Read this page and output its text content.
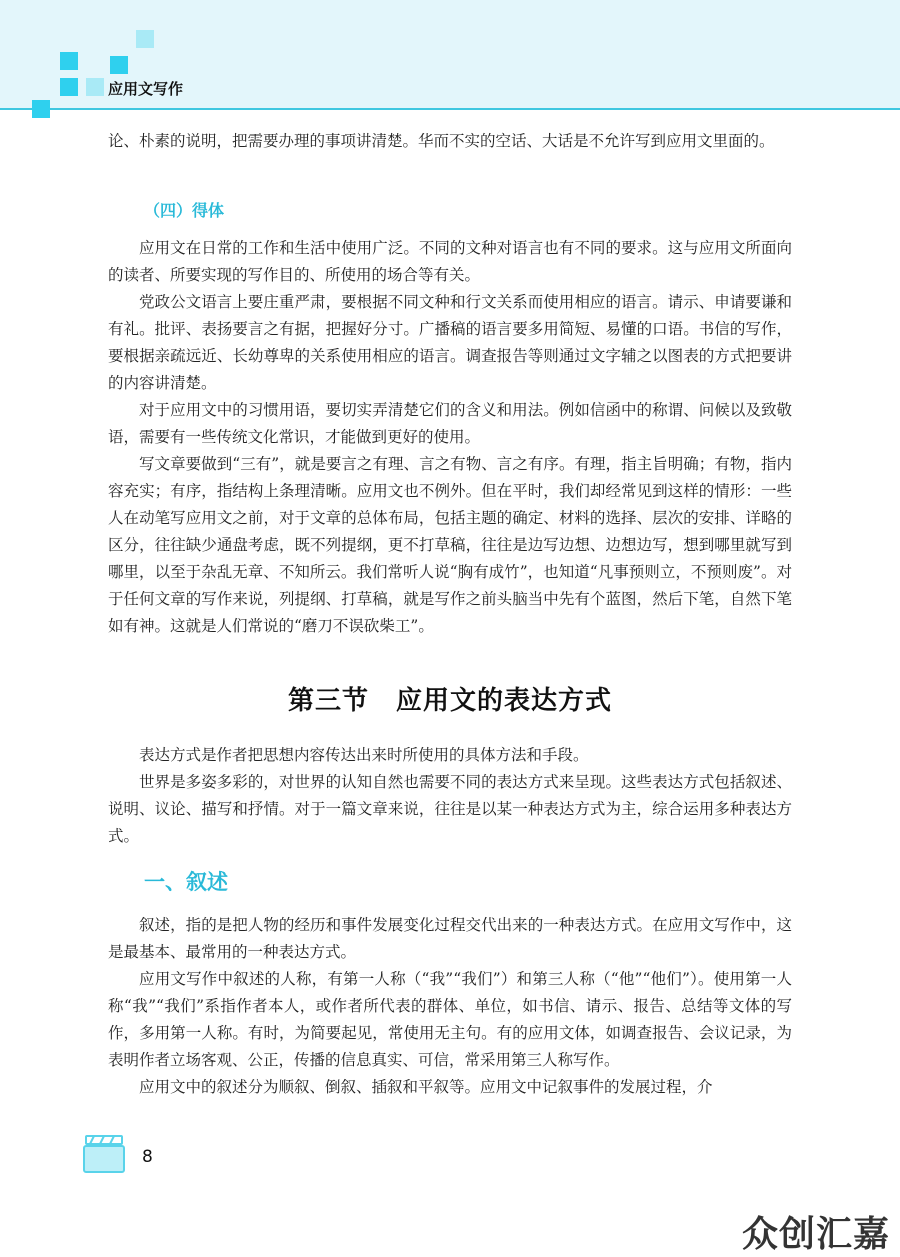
应用文写作

论、朴素的说明，把需要办理的事项讲清楚。华而不实的空话、大话是不允许写到应用文里面的。

（四）得体

应用文在日常的工作和生活中使用广泛。不同的文种对语言也有不同的要求。这与应用文所面向的读者、所要实现的写作目的、所使用的场合等有关。

党政公文语言上要庄重严肃，要根据不同文种和行文关系而使用相应的语言。请示、申请要谦和有礼。批评、表扬要言之有据，把握好分寸。广播稿的语言要多用简短、易懂的口语。书信的写作，要根据亲疏远近、长幼尊卑的关系使用相应的语言。调查报告等则通过文字辅之以图表的方式把要讲的内容讲清楚。

对于应用文中的习惯用语，要切实弄清楚它们的含义和用法。例如信函中的称谓、问候以及致敬语，需要有一些传统文化常识，才能做到更好的使用。

写文章要做到“三有”，就是要言之有理、言之有物、言之有序。有理，指主旨明确；有物，指内容充实；有序，指结构上条理清晰。应用文也不例外。但在平时，我们却经常见到这样的情形：一些人在动笔写应用文之前，对于文章的总体布局，包括主题的确定、材料的选择、层次的安排、详略的区分，往往缺少通盘考虑，既不列提纲，更不打草稿，往往是边写边想、边想边写，想到哪里就写到哪里，以至于杂乱无章、不知所云。我们常听人说“胸有成竹”，也知道“凡事预则立，不预则废”。对于任何文章的写作来说，列提纲、打草稿，就是写作之前头脑当中先有个蓝图，然后下笔，自然下笔如有神。这就是人们常说的“磨刀不误砍柴工”。

第三节　应用文的表达方式

表达方式是作者把思想内容传达出来时所使用的具体方法和手段。

世界是多姿多彩的，对世界的认知自然也需要不同的表达方式来呈现。这些表达方式包括叙述、说明、议论、描写和抒情。对于一篇文章来说，往往是以某一种表达方式为主，综合运用多种表达方式。

一、叙述

叙述，指的是把人物的经历和事件发展变化过程交代出来的一种表达方式。在应用文写作中，这是最基本、最常用的一种表达方式。

应用文写作中叙述的人称，有第一人称（“我”“我们”）和第三人称（“他”“他们”）。使用第一人称“我”“我们”系指作者本人，或作者所代表的群体、单位，如书信、请示、报告、总结等文体的写作，多用第一人称。有时，为简要起见，常使用无主句。有的应用文体，如调查报告、会议记录，为表明作者立场客观、公正，传播的信息真实、可信，常采用第三人称写作。

应用文中的叙述分为顺叙、倒叙、插叙和平叙等。应用文中记叙事件的发展过程，介

8
众创汇嘉
